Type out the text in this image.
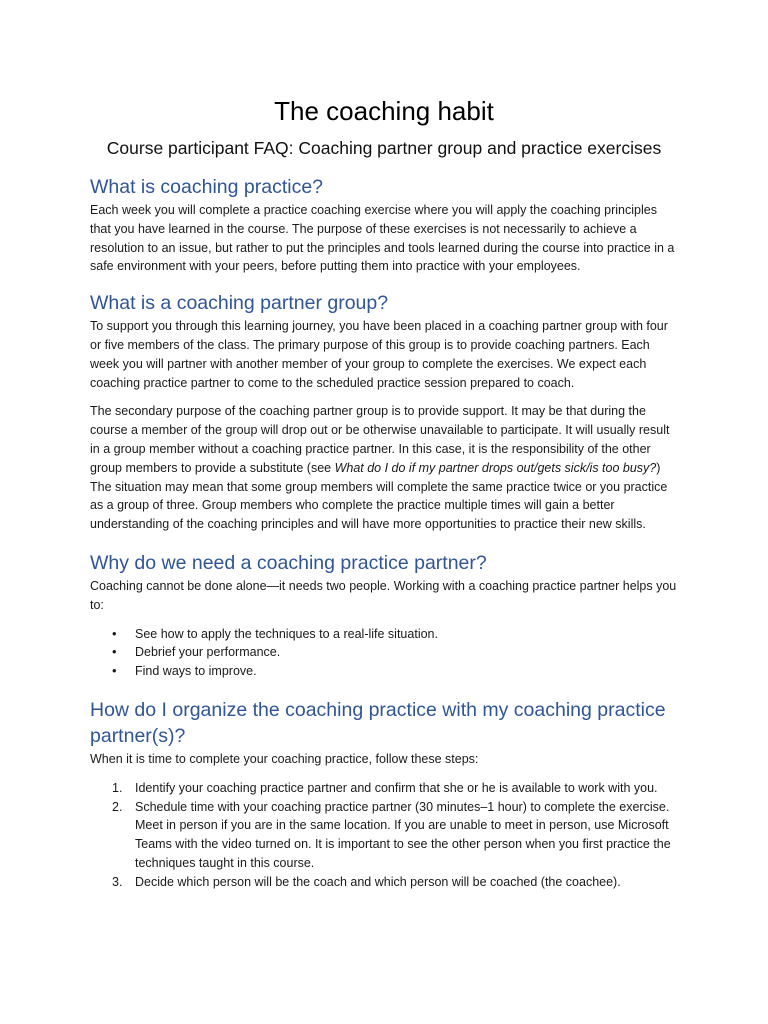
The coaching habit
Course participant FAQ: Coaching partner group and practice exercises
What is coaching practice?

Each week you will complete a practice coaching exercise where you will apply the coaching principles that you have learned in the course. The purpose of these exercises is not necessarily to achieve a resolution to an issue, but rather to put the principles and tools learned during the course into practice in a safe environment with your peers, before putting them into practice with your employees.

What is a coaching partner group?

To support you through this learning journey, you have been placed in a coaching partner group with four or five members of the class. The primary purpose of this group is to provide coaching partners. Each week you will partner with another member of your group to complete the exercises. We expect each coaching practice partner to come to the scheduled practice session prepared to coach.

The secondary purpose of the coaching partner group is to provide support. It may be that during the course a member of the group will drop out or be otherwise unavailable to participate. It will usually result in a group member without a coaching practice partner. In this case, it is the responsibility of the other group members to provide a substitute (see What do I do if my partner drops out/gets sick/is too busy?) The situation may mean that some group members will complete the same practice twice or you practice as a group of three. Group members who complete the practice multiple times will gain a better understanding of the coaching principles and will have more opportunities to practice their new skills.

Why do we need a coaching practice partner?

Coaching cannot be done alone—it needs two people. Working with a coaching practice partner helps you to:

• See how to apply the techniques to a real-life situation.
• Debrief your performance.
• Find ways to improve.
How do I organize the coaching practice with my coaching practice partner(s)?

When it is time to complete your coaching practice, follow these steps:

1. Identify your coaching practice partner and confirm that she or he is available to work with you.
2. Schedule time with your coaching practice partner (30 minutes–1 hour) to complete the exercise. Meet in person if you are in the same location. If you are unable to meet in person, use Microsoft Teams with the video turned on. It is important to see the other person when you first practice the techniques taught in this course.
3. Decide which person will be the coach and which person will be coached (the coachee).
